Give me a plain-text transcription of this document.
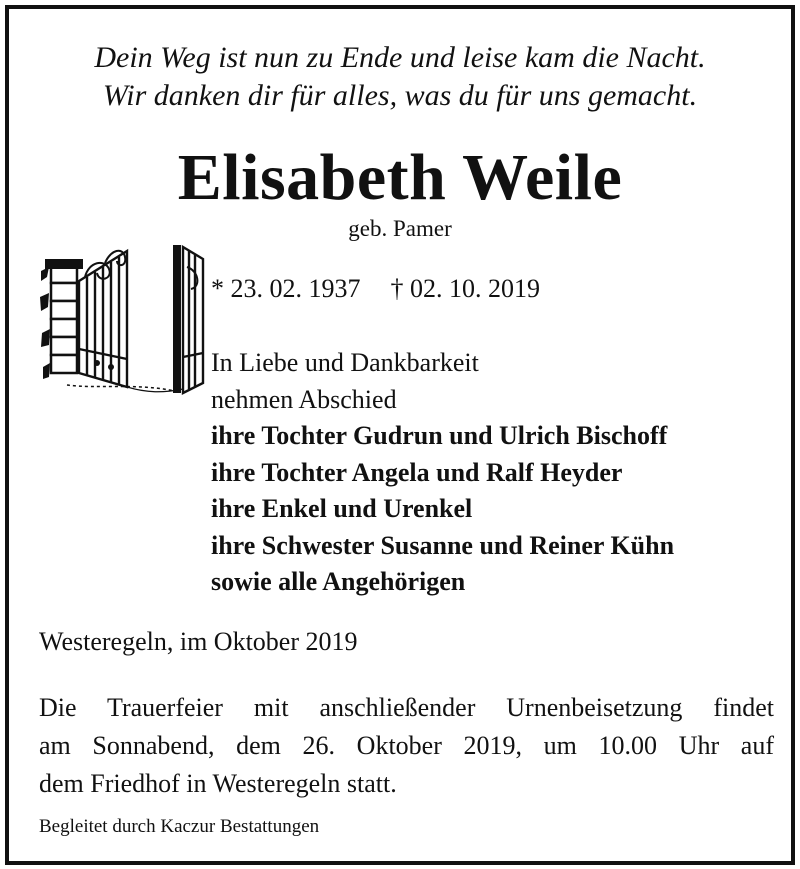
Dein Weg ist nun zu Ende und leise kam die Nacht.
Wir danken dir für alles, was du für uns gemacht.
Elisabeth Weile
geb. Pamer
* 23. 02. 1937 † 02. 10. 2019
In Liebe und Dankbarkeit
nehmen Abschied
ihre Tochter Gudrun und Ulrich Bischoff
ihre Tochter Angela und Ralf Heyder
ihre Enkel und Urenkel
ihre Schwester Susanne und Reiner Kühn
sowie alle Angehörigen
Westeregeln, im Oktober 2019
Die Trauerfeier mit anschließender Urnenbeisetzung findet
am Sonnabend, dem 26. Oktober 2019, um 10.00 Uhr auf
dem Friedhof in Westeregeln statt.
Begleitet durch Kaczur Bestattungen
